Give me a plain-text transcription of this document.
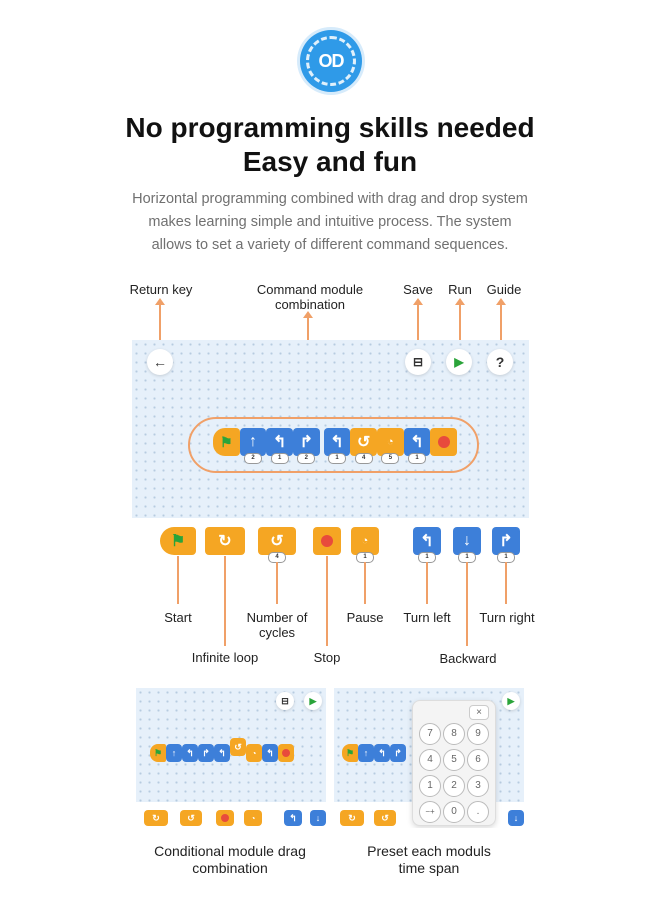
OD
No programming skills needed
Easy and fun
Horizontal programming combined with drag and drop system
makes learning simple and intuitive process. The system
allows to set a variety of different command sequences.
Return key	Command module
combination
Save	Run	Guide
←	⊟	▶	?
⚑ ↑
2
↰
1
↱
2
↰
1
↺
4
◔
5
↰
1
⚑ ↻ ↺
4
◔
1
↰
1
↓
1
↱
1
Start
Infinite loop
Number of
cycles
Stop
Pause	Turn left
Backward
Turn right
⊟	▶
⚑	↑	↰ ↱ ↰
↺
◔	↰
↻	↺	◔	↰	↓
▶
⚑	↑	↰ ↱
↻	↺	↓
×
7	8	9
4	5	6
1	2	3
−+	0	.
Conditional module drag
combination
Preset each moduls
time span
